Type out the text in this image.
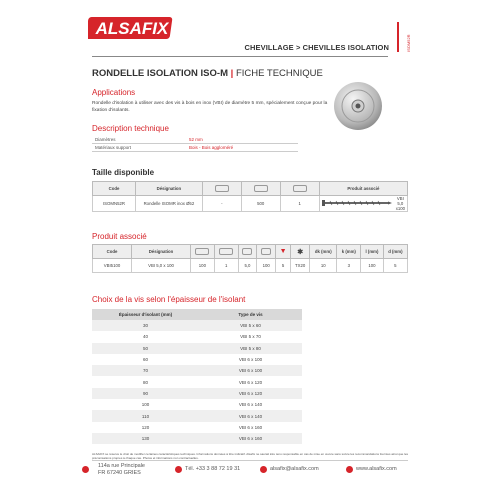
ALSAFIX
ISOM52R
CHEVILLAGE > CHEVILLES ISOLATION
RONDELLE ISOLATION ISO-M | FICHE TECHNIQUE
Applications
Rondelle d'isolation à utiliser avec des vis à bois en inox (VBI) de diamètre 5 mm, spécialement conçue pour la fixation d'isolants.
Description technique
Diamètres	52 mm
Matériaux support	Bois - Bois aggloméré
Taille disponible
Code	Désignation				Produit associé	
ISOMN52R	Rondelle ISOMR inox Ø52	-	500	1		VBI 5,0 x100
Produit associé
Code	Désignation					▼	✱	dk (mm)	k (mm)	l (mm)	d (mm)
VBI5100	VBI 5,0 x 100	100	1	5,0	100	5	TX20	10	3	100	5
Choix de la vis selon l'épaisseur de l'isolant
Épaisseur d'isolant (mm)	Type de vis
30	VBI 5 x 60
40	VBI 5 x 70
50	VBI 5 x 80
60	VBI 6 x 100
70	VBI 6 x 100
80	VBI 6 x 120
90	VBI 6 x 120
100	VBI 6 x 140
110	VBI 6 x 140
120	VBI 6 x 160
130	VBI 6 x 160
ALSAFIX se réserve le droit de modifier certaines caractéristiques techniques. Informations données à titre indicatif. Alsafix ne saurait être tenu responsable en cas de mise en œuvre sans suivre les recommandations fournies ainsi que les préconisations propres à chaque cas. Photos et informations non contractuelles.
114a rue Principale
FR 67240 GRIES
Tél. +33 3 88 72 19 31	alsafix@alsafix.com	www.alsafix.com
